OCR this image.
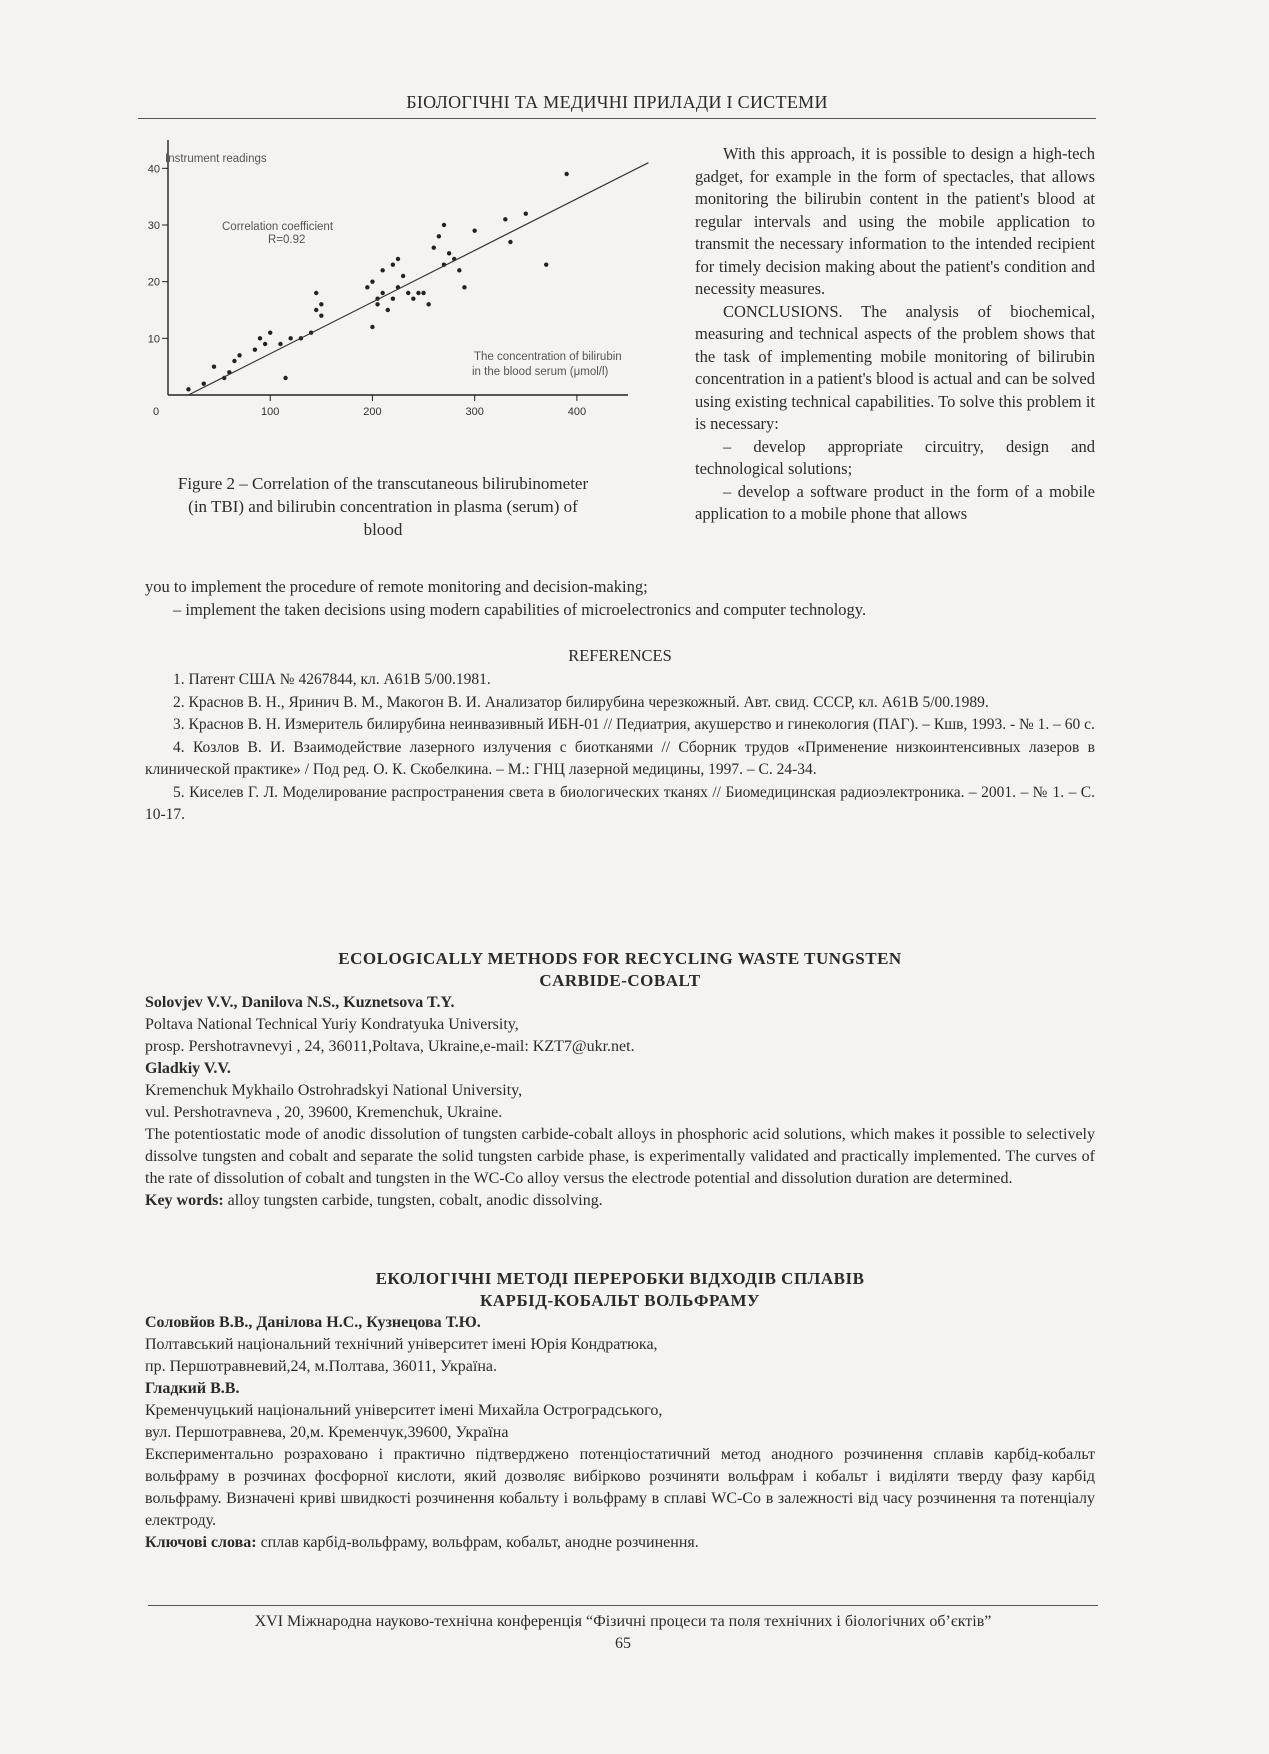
БІОЛОГІЧНІ ТА МЕДИЧНІ ПРИЛАДИ І СИСТЕМИ
0	100	200	300	400
10
20
30
40
Instrument readings
Correlation coefficient
R=0.92
The concentration of bilirubin
in the blood serum (μmol/l)
Figure 2 – Correlation of the transcutaneous bilirubinometer (in TBI) and bilirubin concentration in plasma (serum) of blood

With this approach, it is possible to design a high-tech gadget, for example in the form of spectacles, that allows monitoring the bilirubin content in the patient's blood at regular intervals and using the mobile application to transmit the necessary information to the intended recipient for timely decision making about the patient's condition and necessity measures.

CONCLUSIONS. The analysis of biochemical, measuring and technical aspects of the problem shows that the task of implementing mobile monitoring of bilirubin concentration in a patient's blood is actual and can be solved using existing technical capabilities. To solve this problem it is necessary:

– develop appropriate circuitry, design and technological solutions;

– develop a software product in the form of a mobile application to a mobile phone that allows

you to implement the procedure of remote monitoring and decision-making;

– implement the taken decisions using modern capabilities of microelectronics and computer technology.

REFERENCES

1. Патент США № 4267844, кл. A61B 5/00.1981.

2. Краснов В. Н., Яринич В. М., Макогон В. И. Анализатор билирубина черезкожный. Авт. свид. СССР, кл. A61B 5/00.1989.

3. Краснов В. Н. Измеритель билирубина неинвазивный ИБН-01 // Педиатрия, акушерство и гинекология (ПАГ). – Кшв, 1993. - № 1. – 60 с.

4. Козлов В. И. Взаимодействие лазерного излучения с биотканями // Сборник трудов «Применение низкоинтенсивных лазеров в клинической практике» / Под ред. О. К. Скобелкина. – М.: ГНЦ лазерной медицины, 1997. – С. 24-34.

5. Киселев Г. Л. Моделирование распространения света в биологических тканях // Биомедицинская радиоэлектроника. – 2001. – № 1. – С. 10-17.

ECOLOGICALLY METHODS FOR RECYCLING WASTE TUNGSTEN

CARBIDE-COBALT

Solovjev V.V., Danilova N.S., Kuznetsova T.Y.

Poltava National Technical Yuriy Kondratyuka University,

prosp. Pershotravnevyi , 24, 36011,Poltava, Ukraine,e-mail: KZT7@ukr.net.

Gladkiy V.V.

Kremenchuk Mykhailo Ostrohradskyi National University,

vul. Pershotravneva , 20, 39600, Kremenchuk, Ukraine.

The potentiostatic mode of anodic dissolution of tungsten carbide-cobalt alloys in phosphoric acid solutions, which makes it possible to selectively dissolve tungsten and cobalt and separate the solid tungsten carbide phase, is experimentally validated and practically implemented. The curves of the rate of dissolution of cobalt and tungsten in the WC-Co alloy versus the electrode potential and dissolution duration are determined.

Key words: alloy tungsten carbide, tungsten, cobalt, anodic dissolving.

ЕКОЛОГІЧНІ МЕТОДІ ПЕРЕРОБКИ ВІДХОДІВ СПЛАВІВ

КАРБІД-КОБАЛЬТ ВОЛЬФРАМУ

Соловйов В.В., Данілова Н.С., Кузнецова Т.Ю.

Полтавський національний технічний університет імені Юрія Кондратюка,

пр. Першотравневий,24, м.Полтава, 36011, Україна.

Гладкий В.В.

Кременчуцький національний університет імені Михайла Остроградського,

вул. Першотравнева, 20,м. Кременчук,39600, Україна

Експериментально розраховано і практично підтверджено потенціостатичний метод анодного розчинення сплавів карбід-кобальт вольфраму в розчинах фосфорної кислоти, який дозволяє вибірково розчиняти вольфрам і кобальт і виділяти тверду фазу карбід вольфраму. Визначені криві швидкості розчинення кобальту і вольфраму в сплаві WC-Co в залежності від часу розчинення та потенціалу електроду.

Ключові слова: сплав карбід-вольфраму, вольфрам, кобальт, анодне розчинення.

XVI Міжнародна науково-технічна конференція “Фізичні процеси та поля технічних і біологічних об’єктів”
65
